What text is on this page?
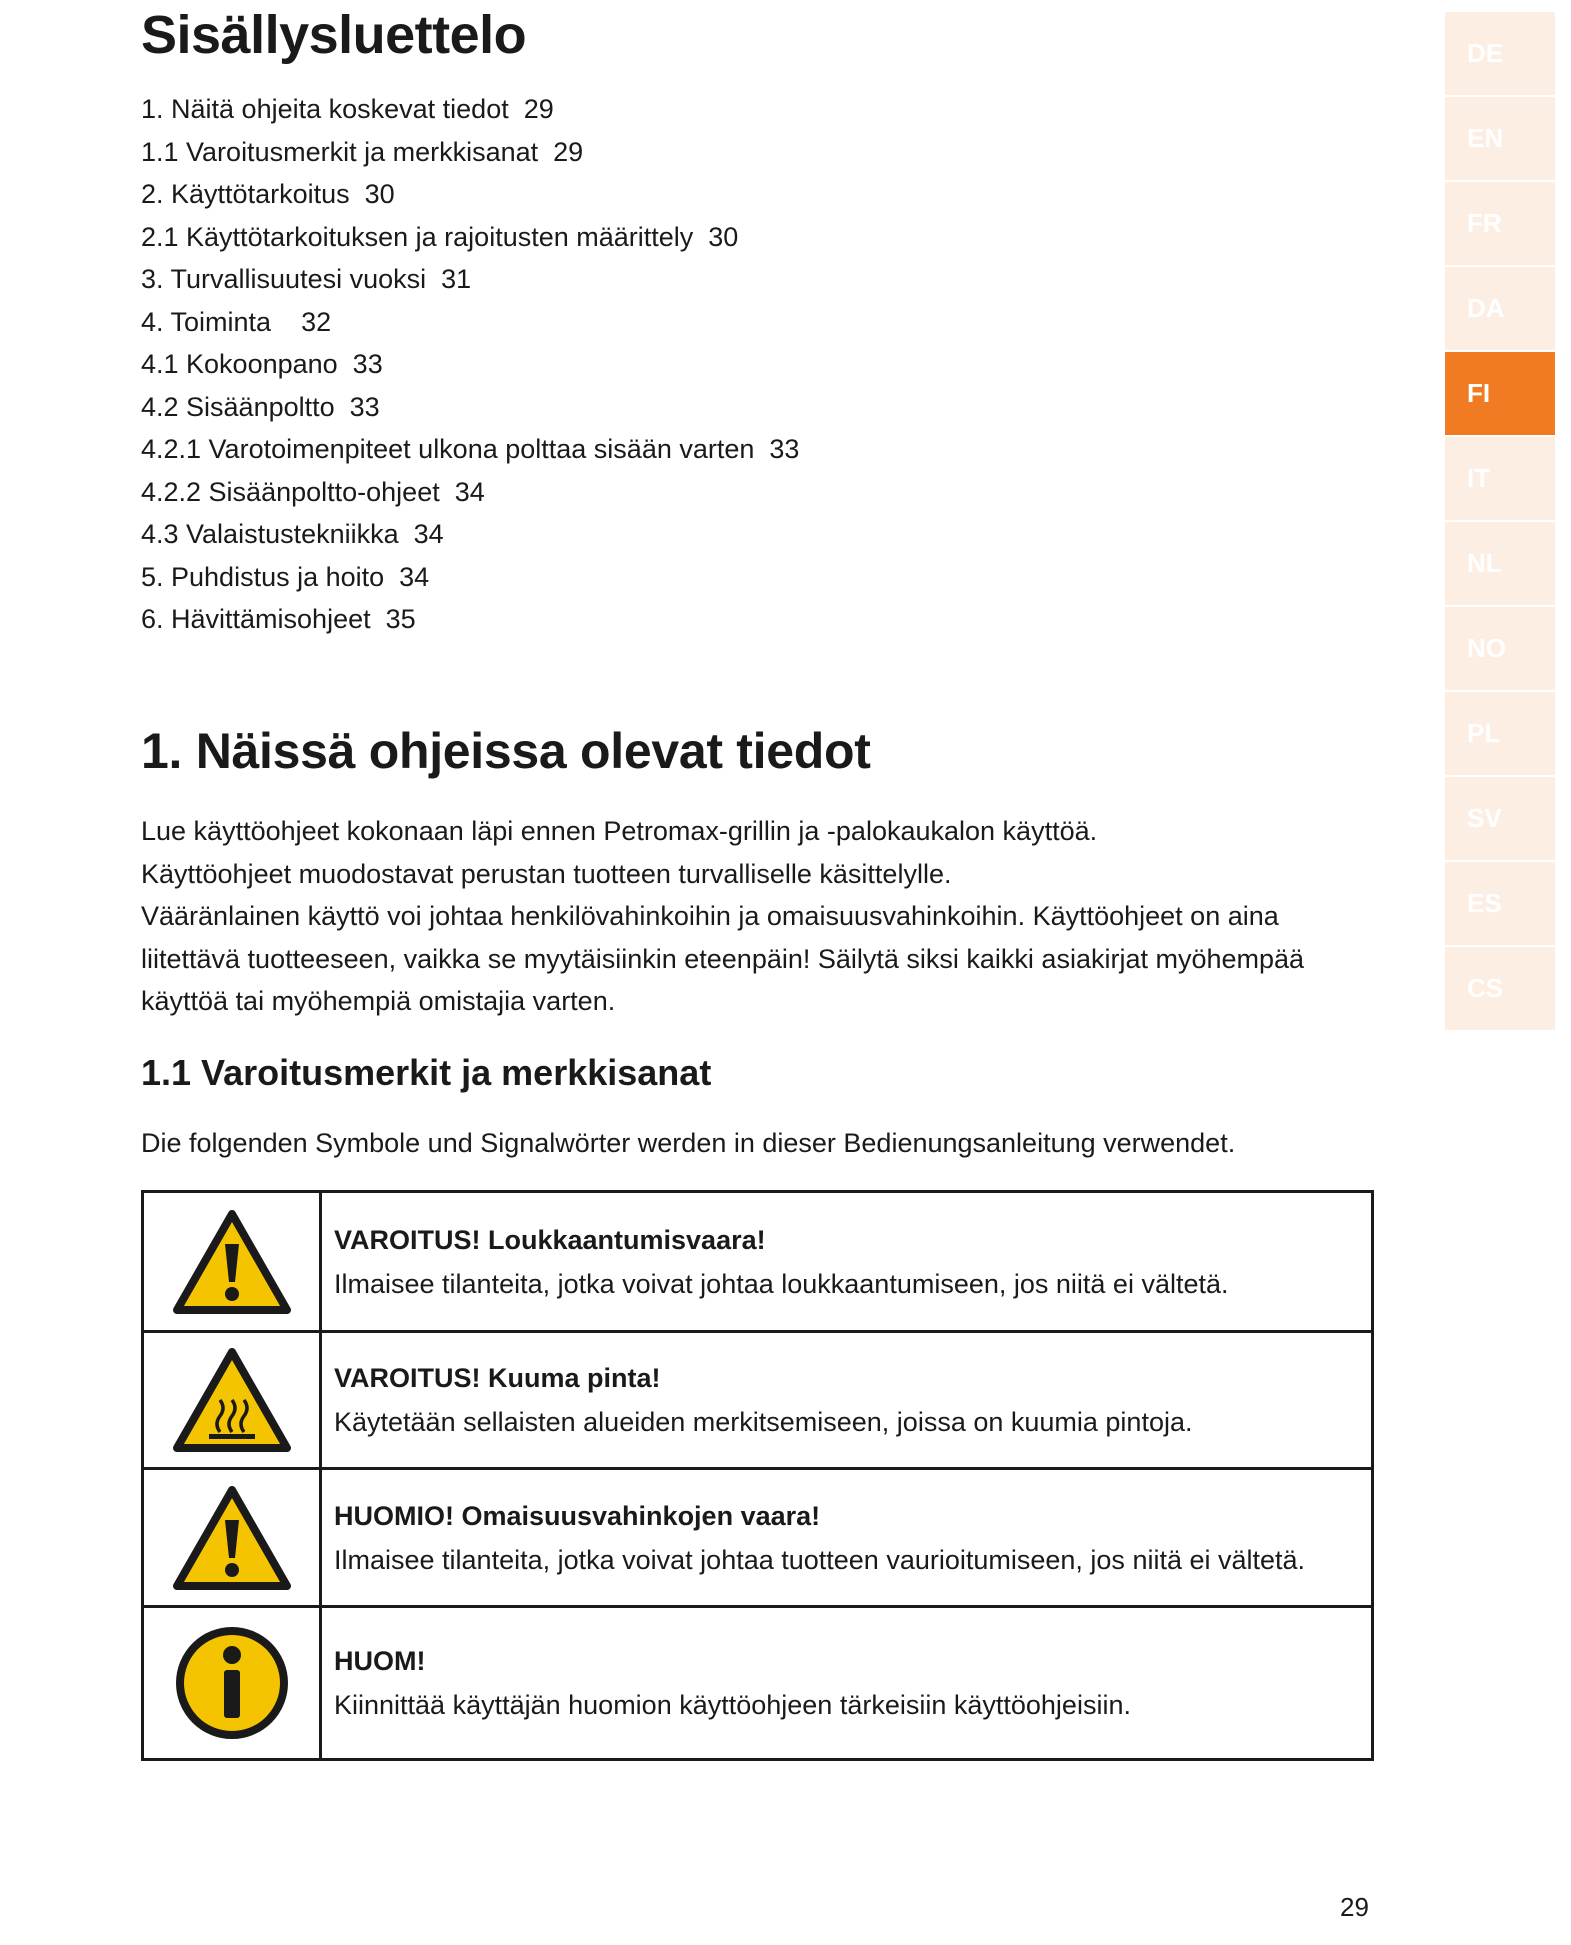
Sisällysluettelo
1. Näitä ohjeita koskevat tiedot  29
1.1 Varoitusmerkit ja merkkisanat  29
2. Käyttötarkoitus  30
2.1 Käyttötarkoituksen ja rajoitusten määrittely  30
3. Turvallisuutesi vuoksi  31
4. Toiminta    32
4.1 Kokoonpano  33
4.2 Sisäänpoltto  33
4.2.1 Varotoimenpiteet ulkona polttaa sisään varten  33
4.2.2 Sisäänpoltto-ohjeet  34
4.3 Valaistustekniikka  34
5. Puhdistus ja hoito  34
6. Hävittämisohjeet  35
1. Näissä ohjeissa olevat tiedot

Lue käyttöohjeet kokonaan läpi ennen Petromax-grillin ja -palokaukalon käyttöä.

Käyttöohjeet muodostavat perustan tuotteen turvalliselle käsittelylle.

Vääränlainen käyttö voi johtaa henkilövahinkoihin ja omaisuusvahinkoihin. Käyttöohjeet on aina

liitettävä tuotteeseen, vaikka se myytäisiinkin eteenpäin! Säilytä siksi kaikki asiakirjat myöhempää

käyttöä tai myöhempiä omistajia varten.

1.1 Varoitusmerkit ja merkkisanat

Die folgenden Symbole und Signalwörter werden in dieser Bedienungsanleitung verwendet.

VAROITUS! Loukkaantumisvaara!
Ilmaisee tilanteita, jotka voivat johtaa loukkaantumiseen, jos niitä ei vältetä.

VAROITUS! Kuuma pinta!
Käytetään sellaisten alueiden merkitsemiseen, joissa on kuumia pintoja.

HUOMIO! Omaisuusvahinkojen vaara!
Ilmaisee tilanteita, jotka voivat johtaa tuotteen vaurioitumiseen, jos niitä ei vältetä.

HUOM!
Kiinnittää käyttäjän huomion käyttöohjeen tärkeisiin käyttöohjeisiin.
DE
EN
FR
DA
FI
IT
NL
NO
PL
SV
ES
CS

29
